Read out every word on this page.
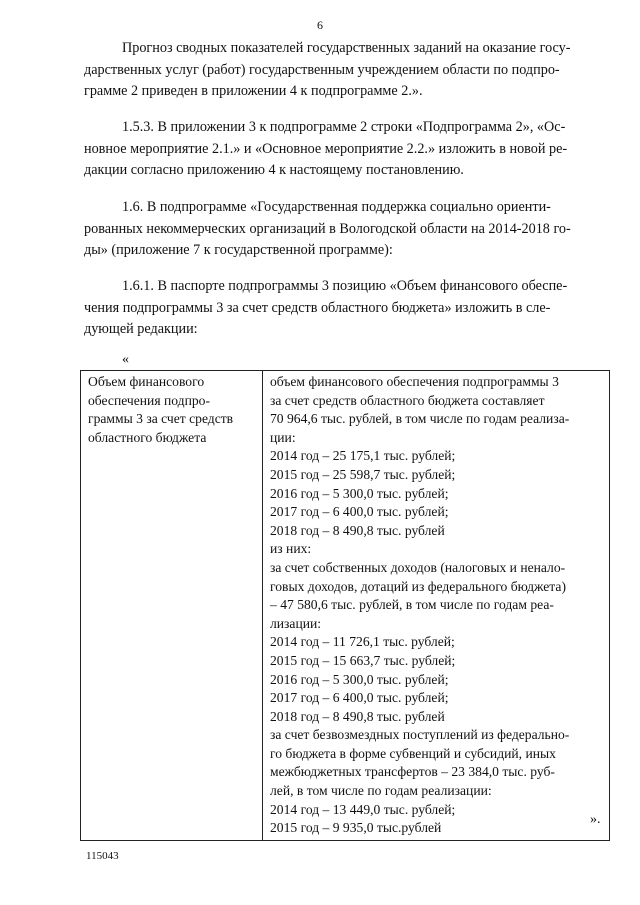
6
Прогноз сводных показателей государственных заданий на оказание госу-
дарственных услуг (работ) государственным учреждением области по подпро-
грамме 2 приведен в приложении 4 к подпрограмме 2.».
1.5.3. В приложении 3 к подпрограмме 2 строки «Подпрограмма 2», «Ос-
новное мероприятие 2.1.» и «Основное мероприятие 2.2.» изложить в новой ре-
дакции согласно приложению 4 к настоящему постановлению.
1.6. В подпрограмме «Государственная поддержка социально ориенти-
рованных некоммерческих организаций в Вологодской области на 2014-2018 го-
ды» (приложение 7 к государственной программе):
1.6.1. В паспорте подпрограммы 3 позицию «Объем финансового обеспе-
чения подпрограммы 3 за счет средств областного бюджета» изложить в сле-
дующей редакции:
«
Объем финансового
обеспечения подпро-
граммы 3 за счет средств
областного бюджета

объем финансового обеспечения подпрограммы 3
за счет средств областного бюджета составляет
70 964,6 тыс. рублей, в том числе по годам реализа-
ции:
2014 год – 25 175,1 тыс. рублей;
2015 год – 25 598,7 тыс. рублей;
2016 год – 5 300,0 тыс. рублей;
2017 год – 6 400,0 тыс. рублей;
2018 год – 8 490,8 тыс. рублей
из них:
за счет собственных доходов (налоговых и ненало-
говых доходов, дотаций из федерального бюджета)
– 47 580,6 тыс. рублей, в том числе по годам реа-
лизации:
2014 год – 11 726,1 тыс. рублей;
2015 год – 15 663,7 тыс. рублей;
2016 год – 5 300,0 тыс. рублей;
2017 год – 6 400,0 тыс. рублей;
2018 год – 8 490,8 тыс. рублей
за счет безвозмездных поступлений из федерально-
го бюджета в форме субвенций и субсидий, иных
межбюджетных трансфертов – 23 384,0 тыс. руб-
лей, в том числе по годам реализации:
2014 год – 13 449,0 тыс. рублей;
2015 год – 9 935,0 тыс.рублей
».
115043
